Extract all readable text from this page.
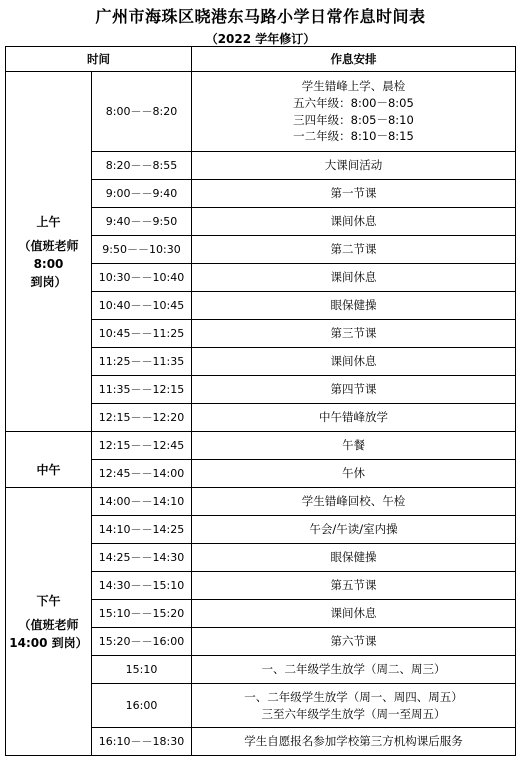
广州市海珠区晓港东马路小学日常作息时间表
（2022 学年修订）
时间		作息安排

上午
（值班老师
8:00
到岗）	8:00－－8:20	学生错峰上学、晨检
五六年级：8:00－8:05
三四年级：8:05－8:10
一二年级：8:10－8:15

	8:20－－8:55	大课间活动
	9:00－－9:40	第一节课
	9:40－－9:50	课间休息
	9:50－－10:30	第二节课
	10:30－－10:40	课间休息
	10:40－－10:45	眼保健操
	10:45－－11:25	第三节课
	11:25－－11:35	课间休息
	11:35－－12:15	第四节课
	12:15－－12:20	中午错峰放学

中午	12:15－－12:45	午餐
	12:45－－14:00	午休

下午
（值班老师
14:00 到岗）	14:00－－14:10	学生错峰回校、午检
	14:10－－14:25	午会/午读/室内操
	14:25－－14:30	眼保健操
	14:30－－15:10	第五节课
	15:10－－15:20	课间休息
	15:20－－16:00	第六节课
	15:10	一、二年级学生放学（周二、周三）
	16:00	一、二年级学生放学（周一、周四、周五）
三至六年级学生放学（周一至周五）

	16:10－－18:30	学生自愿报名参加学校第三方机构课后服务
